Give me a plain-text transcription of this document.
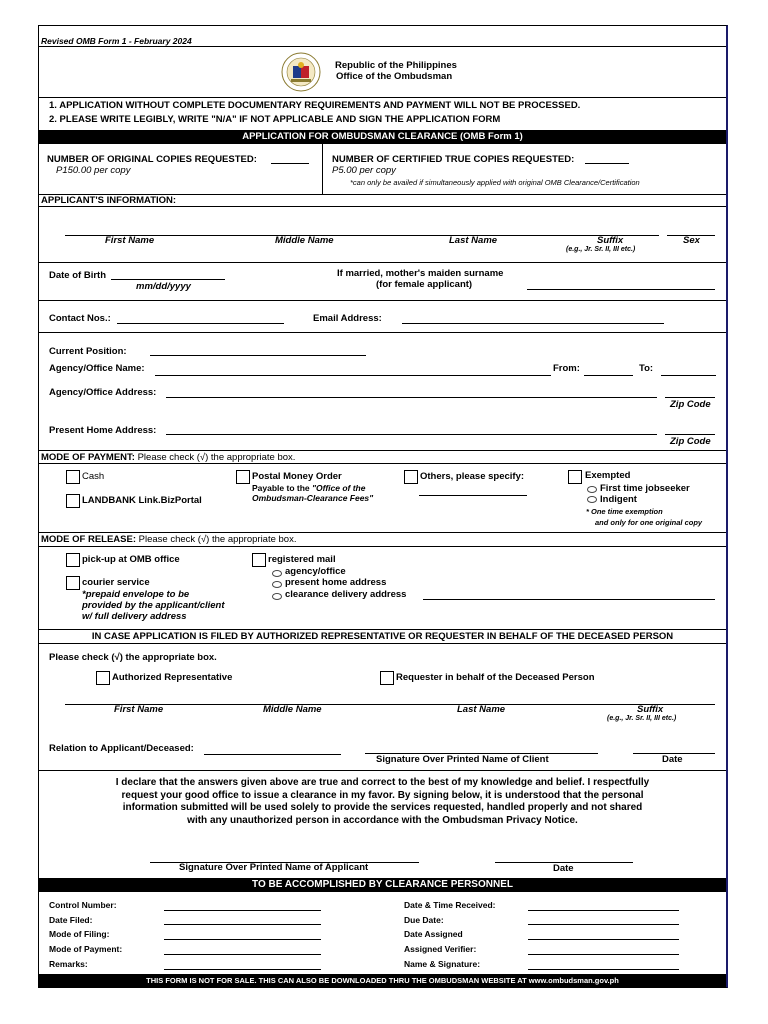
Revised OMB Form 1 - February 2024
Republic of the Philippines
Office of the Ombudsman
1. APPLICATION WITHOUT COMPLETE DOCUMENTARY REQUIREMENTS AND PAYMENT WILL NOT BE PROCESSED.
2. PLEASE WRITE LEGIBLY, WRITE "N/A" IF NOT APPLICABLE AND SIGN THE APPLICATION FORM
APPLICATION FOR OMBUDSMAN CLEARANCE (OMB Form 1)
NUMBER OF ORIGINAL COPIES REQUESTED:
P150.00 per copy
NUMBER OF CERTIFIED TRUE COPIES REQUESTED:
P5.00 per copy
*can only be availed if simultaneously applied with original OMB Clearance/Certification
APPLICANT'S INFORMATION:
First Name	Middle Name	Last Name	Suffix
(e.g., Jr. Sr. II, III etc.)
Sex
Date of Birth
mm/dd/yyyy
If married, mother's maiden surname
(for female applicant)
Contact Nos.:	Email Address:
Current Position:
Agency/Office Name:	From:	To:
Agency/Office Address:
Zip Code
Present Home Address:
Zip Code
MODE OF PAYMENT: Please check (√) the appropriate box.
Cash
LANDBANK Link.BizPortal
Postal Money Order
Payable to the "Office of the Ombudsman-Clearance Fees"
Others, please specify:	Exempted
First time jobseeker
Indigent
* One time exemption
and only for one original copy
MODE OF RELEASE: Please check (√) the appropriate box.
pick-up at OMB office
courier service
*prepaid envelope to be
provided by the applicant/client
w/ full delivery address
registered mail
agency/office
present home address
clearance delivery address
IN CASE APPLICATION IS FILED BY AUTHORIZED REPRESENTATIVE OR REQUESTER IN BEHALF OF THE DECEASED PERSON
Please check (√) the appropriate box.
Authorized Representative	Requester in behalf of the Deceased Person
First Name	Middle Name	Last Name	Suffix
(e.g., Jr. Sr. II, III etc.)
Relation to Applicant/Deceased:
Signature Over Printed Name of Client	Date
I declare that the answers given above are true and correct to the best of my knowledge and belief. I respectfully
request your good office to issue a clearance in my favor. By signing below, it is understood that the personal
information submitted will be used solely to provide the services requested, handled properly and not shared
with any unauthorized person in accordance with the Ombudsman Privacy Notice.
Signature Over Printed Name of Applicant	Date
TO BE ACCOMPLISHED BY CLEARANCE PERSONNEL
Control Number:
Date Filed:
Mode of Filing:
Mode of Payment:
Remarks:
Date & Time Received:
Due Date:
Date Assigned
Assigned Verifier:
Name & Signature:
THIS FORM IS NOT FOR SALE. THIS CAN ALSO BE DOWNLOADED THRU THE OMBUDSMAN WEBSITE AT www.ombudsman.gov.ph
